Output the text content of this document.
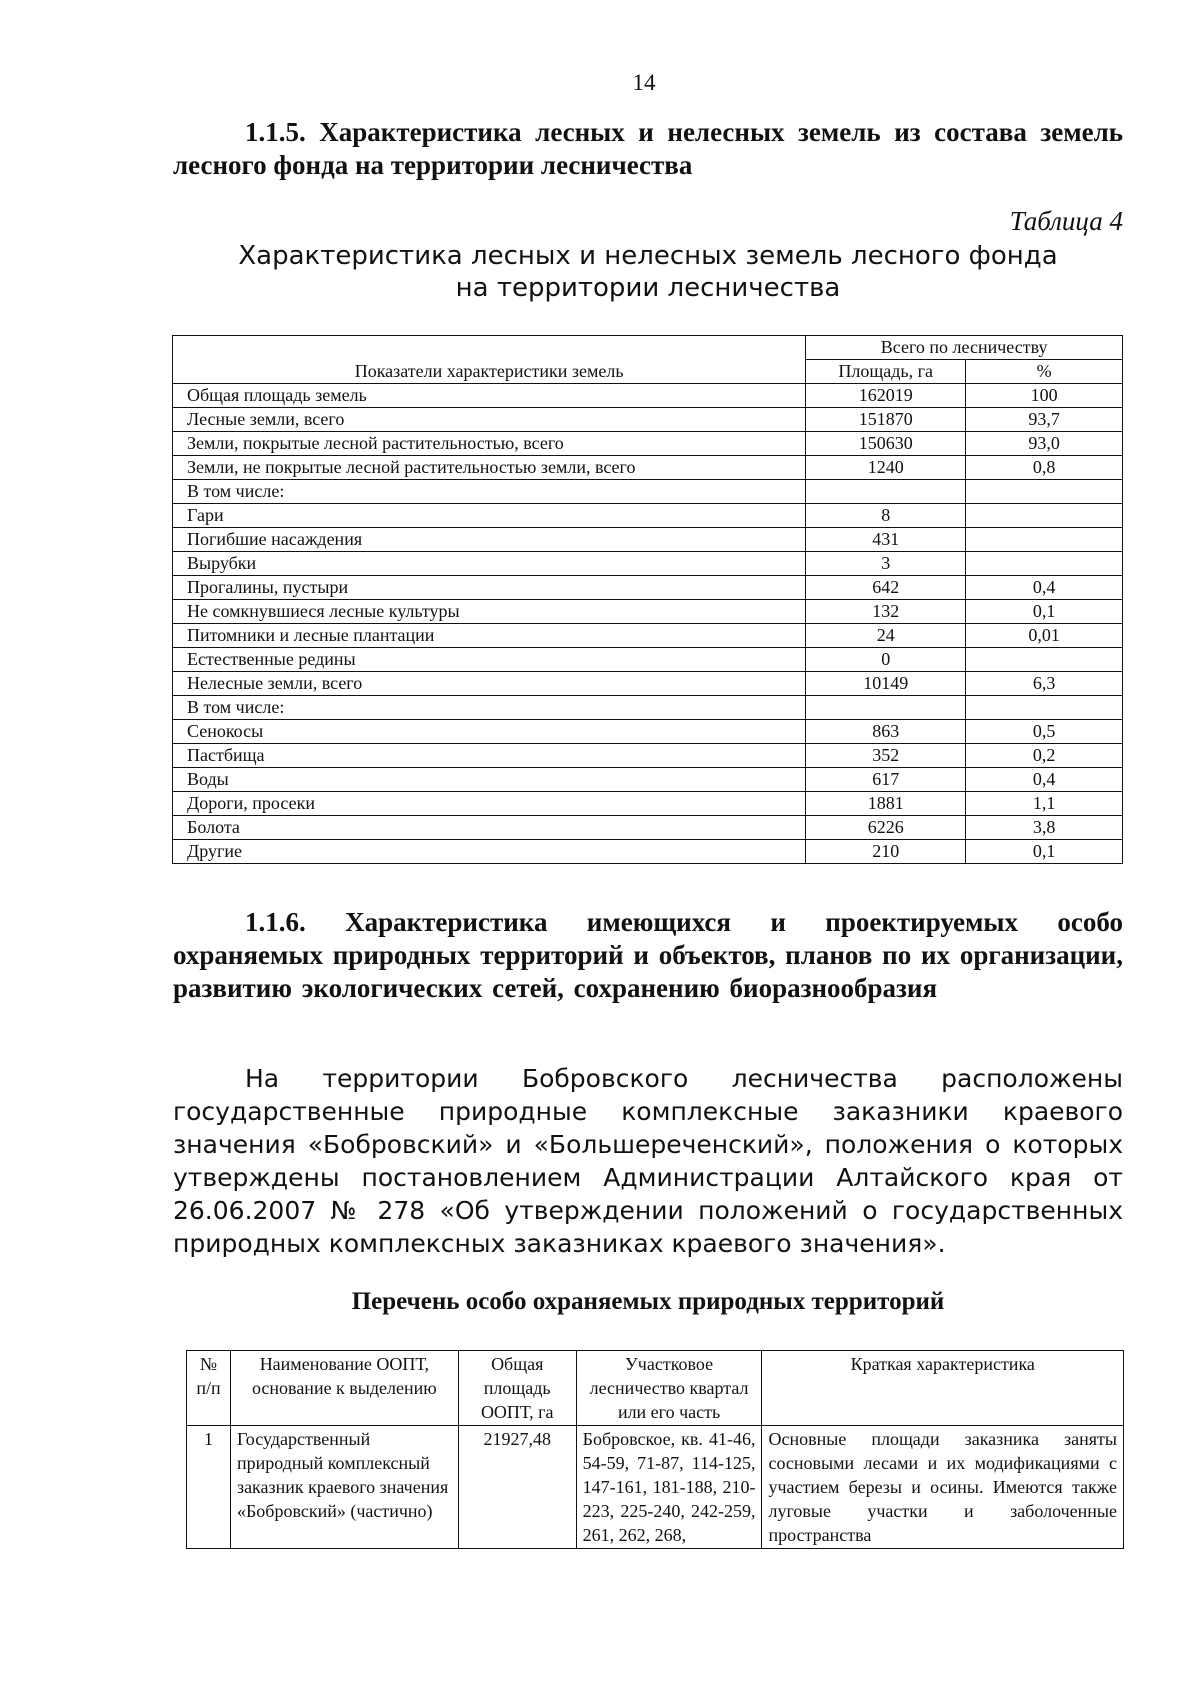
14
1.1.5. Характеристика лесных и нелесных земель из состава земель лесного фонда на территории лесничества
Таблица 4
Характеристика лесных и нелесных земель лесного фонда
на территории лесничества
Показатели характеристики земель	Всего по лесничеству	
	Площадь, га	%
Общая площадь земель	162019	100
Лесные земли, всего	151870	93,7
Земли, покрытые лесной растительностью, всего	150630	93,0
Земли, не покрытые лесной растительностью земли, всего	1240	0,8
В том числе:		
Гари	8	
Погибшие насаждения	431	
Вырубки	3	
Прогалины, пустыри	642	0,4
Не сомкнувшиеся лесные культуры	132	0,1
Питомники и лесные плантации	24	0,01
Естественные редины	0	
Нелесные земли, всего	10149	6,3
В том числе:		
Сенокосы	863	0,5
Пастбища	352	0,2
Воды	617	0,4
Дороги, просеки	1881	1,1
Болота	6226	3,8
Другие	210	0,1
1.1.6. Характеристика имеющихся и проектируемых особо охраняемых природных территорий и объектов, планов по их организации, развитию экологических сетей, сохранению биоразнообразия
На территории Бобровского лесничества расположены государственные природные комплексные заказники краевого значения «Бобровский» и «Большереченский», положения о которых утверждены постановлением Администрации Алтайского края от 26.06.2007 № 278 «Об утверждении положений о государственных природных комплексных заказниках краевого значения».
Перечень особо охраняемых природных территорий
№ п/п	Наименование ООПТ, основание к выделению	Общая площадь ООПТ, га	Участковое лесничество квартал или его часть	Краткая характеристика
1	Государственный природный комплексный заказник краевого значения «Бобровский» (частично)	21927,48	Бобровское, кв. 41-46, 54-59, 71-87, 114-125, 147-161, 181-188, 210-223, 225-240, 242-259, 261, 262, 268,	Основные площади заказника заняты сосновыми лесами и их модификациями с участием березы и осины. Имеются также луговые участки и заболоченные пространства
